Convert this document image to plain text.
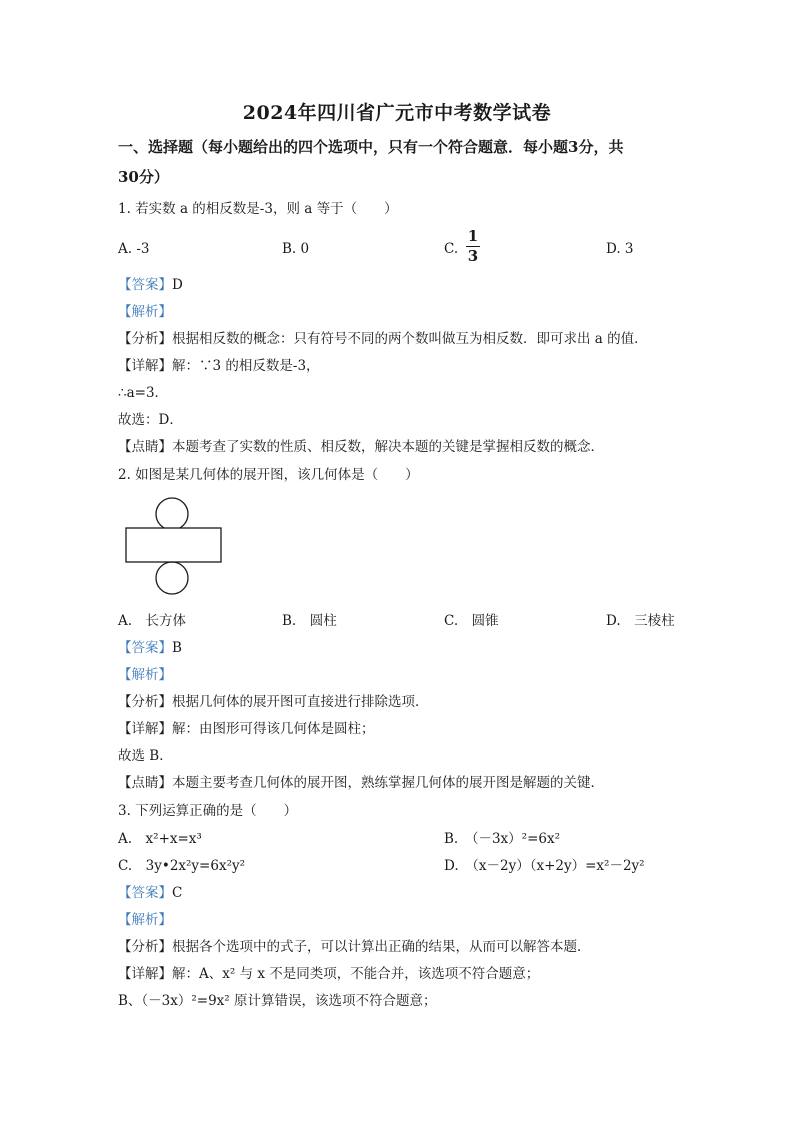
2024年四川省广元市中考数学试卷
一、选择题（每小题给出的四个选项中，只有一个符合题意．每小题3分，共
30分）
1. 若实数 a 的相反数是-3，则 a 等于（　　）
A. -3	B. 0	C.
1
3	D. 3
【答案】D
【解析】
【分析】根据相反数的概念：只有符号不同的两个数叫做互为相反数．即可求出 a 的值．
【详解】解：∵3 的相反数是-3，
∴a=3．
故选：D．
【点睛】本题考查了实数的性质、相反数，解决本题的关键是掌握相反数的概念．
2. 如图是某几何体的展开图，该几何体是（　　）
A.　长方体	B.　圆柱	C.　圆锥	D.　三棱柱
【答案】B
【解析】
【分析】根据几何体的展开图可直接进行排除选项．
【详解】解：由图形可得该几何体是圆柱；
故选 B．
【点睛】本题主要考查几何体的展开图，熟练掌握几何体的展开图是解题的关键．
3. 下列运算正确的是（　　）
A.　x²+x=x³	B.　（－3x）²=6x²
C.　3y•2x²y=6x²y²	D.　（x－2y）（x+2y）=x²－2y²
【答案】C
【解析】
【分析】根据各个选项中的式子，可以计算出正确的结果，从而可以解答本题．
【详解】解：A、x² 与 x 不是同类项，不能合并，该选项不符合题意；
B、（－3x）²=9x² 原计算错误，该选项不符合题意；
